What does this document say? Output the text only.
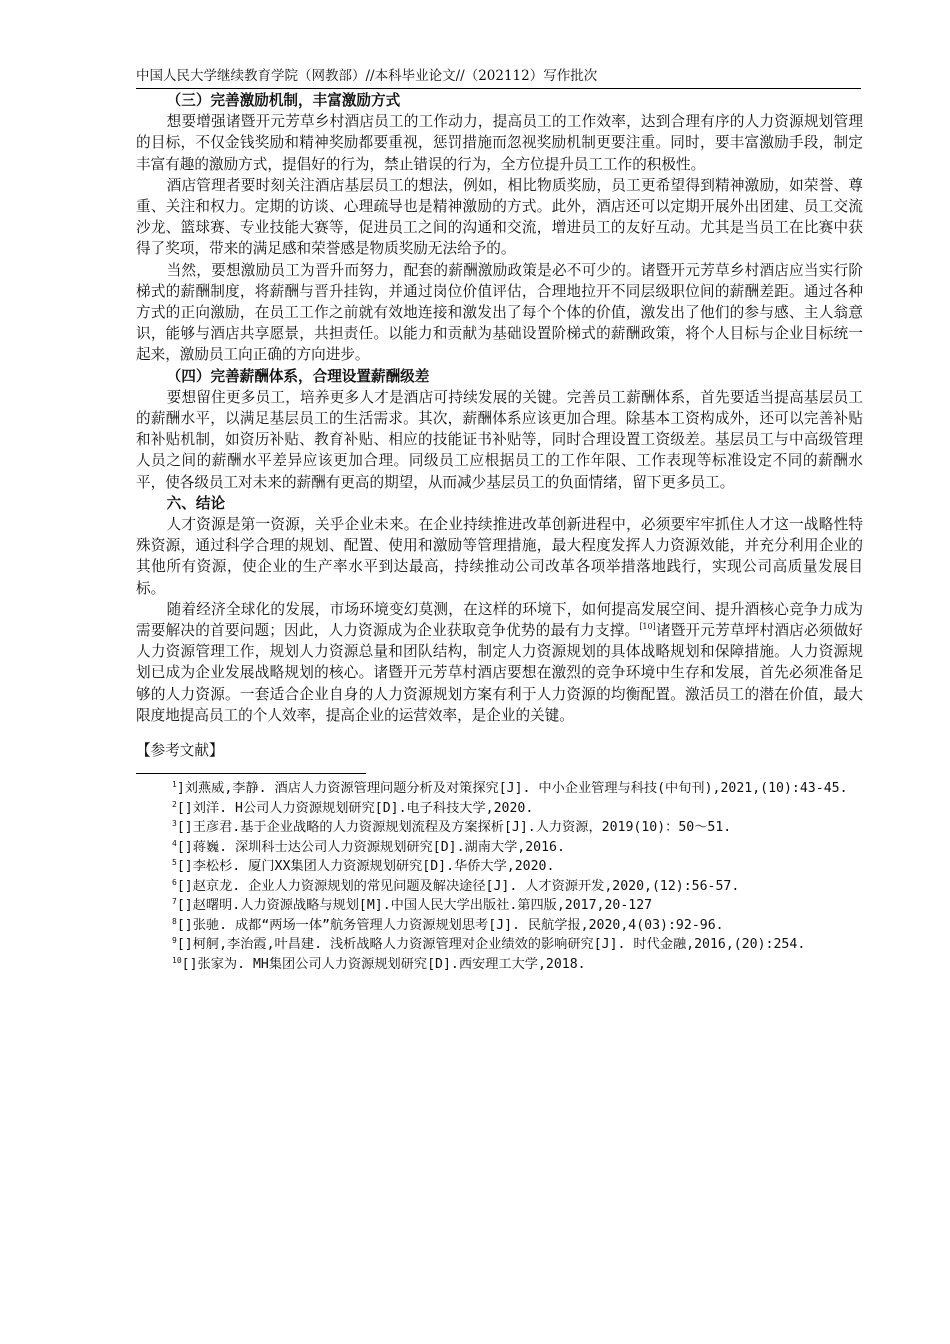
中国人民大学继续教育学院（网教部）//本科毕业论文//（202112）写作批次
（三）完善激励机制，丰富激励方式

想要增强诸暨开元芳草乡村酒店员工的工作动力，提高员工的工作效率，达到合理有序的人力资源规划管理的目标，不仅金钱奖励和精神奖励都要重视，惩罚措施而忽视奖励机制更要注重。同时，要丰富激励手段，制定丰富有趣的激励方式，提倡好的行为，禁止错误的行为，全方位提升员工工作的积极性。

酒店管理者要时刻关注酒店基层员工的想法，例如，相比物质奖励，员工更希望得到精神激励，如荣誉、尊重、关注和权力。定期的访谈、心理疏导也是精神激励的方式。此外，酒店还可以定期开展外出团建、员工交流沙龙、篮球赛、专业技能大赛等，促进员工之间的沟通和交流，增进员工的友好互动。尤其是当员工在比赛中获得了奖项，带来的满足感和荣誉感是物质奖励无法给予的。

当然，要想激励员工为晋升而努力，配套的薪酬激励政策是必不可少的。诸暨开元芳草乡村酒店应当实行阶梯式的薪酬制度，将薪酬与晋升挂钩，并通过岗位价值评估，合理地拉开不同层级职位间的薪酬差距。通过各种方式的正向激励，在员工工作之前就有效地连接和激发出了每个个体的价值，激发出了他们的参与感、主人翁意识，能够与酒店共享愿景，共担责任。以能力和贡献为基础设置阶梯式的薪酬政策，将个人目标与企业目标统一起来，激励员工向正确的方向进步。

（四）完善薪酬体系，合理设置薪酬级差

要想留住更多员工，培养更多人才是酒店可持续发展的关键。完善员工薪酬体系，首先要适当提高基层员工的薪酬水平，以满足基层员工的生活需求。其次，薪酬体系应该更加合理。除基本工资构成外，还可以完善补贴和补贴机制，如资历补贴、教育补贴、相应的技能证书补贴等，同时合理设置工资级差。基层员工与中高级管理人员之间的薪酬水平差异应该更加合理。同级员工应根据员工的工作年限、工作表现等标准设定不同的薪酬水平，使各级员工对未来的薪酬有更高的期望，从而减少基层员工的负面情绪，留下更多员工。

六、结论

人才资源是第一资源，关乎企业未来。在企业持续推进改革创新进程中，必须要牢牢抓住人才这一战略性特殊资源，通过科学合理的规划、配置、使用和激励等管理措施，最大程度发挥人力资源效能，并充分利用企业的其他所有资源，使企业的生产率水平到达最高，持续推动公司改革各项举措落地践行，实现公司高质量发展目标。

随着经济全球化的发展，市场环境变幻莫测，在这样的环境下，如何提高发展空间、提升酒核心竞争力成为需要解决的首要问题；因此，人力资源成为企业获取竞争优势的最有力支撑。[10]诸暨开元芳草坪村酒店必须做好人力资源管理工作，规划人力资源总量和团队结构，制定人力资源规划的具体战略规划和保障措施。人力资源规划已成为企业发展战略规划的核心。诸暨开元芳草村酒店要想在激烈的竞争环境中生存和发展，首先必须准备足够的人力资源。一套适合企业自身的人力资源规划方案有利于人力资源的均衡配置。激活员工的潜在价值，最大限度地提高员工的个人效率，提高企业的运营效率，是企业的关键。

【参考文献】

$^1$]刘燕威,李静. 酒店人力资源管理问题分析及对策探究[J]. 中小企业管理与科技(中旬刊),2021,(10):43-45.

$^2$[]刘洋. H公司人力资源规划研究[D].电子科技大学,2020.

$^3$[]王彦君.基于企业战略的人力资源规划流程及方案探析[J].人力资源，2019(10)：50～51.

$^4$[]蒋巍. 深圳科士达公司人力资源规划研究[D].湖南大学,2016.

$^5$[]李松杉. 厦门XX集团人力资源规划研究[D].华侨大学,2020.

$^6$[]赵京龙. 企业人力资源规划的常见问题及解决途径[J]. 人才资源开发,2020,(12):56-57.

$^7$[]赵曙明.人力资源战略与规划[M].中国人民大学出版社.第四版,2017,20-127

$^8$[]张驰. 成都“两场一体”航务管理人力资源规划思考[J]. 民航学报,2020,4(03):92-96.

$^9$[]柯舸,李治霞,叶昌建. 浅析战略人力资源管理对企业绩效的影响研究[J]. 时代金融,2016,(20):254.

$^{10}$[]张家为. MH集团公司人力资源规划研究[D].西安理工大学,2018.
